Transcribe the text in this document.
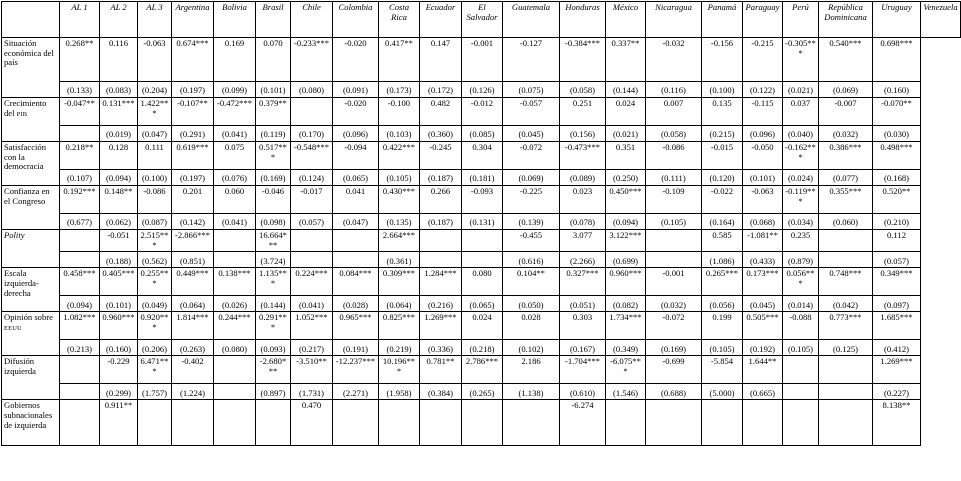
	AL 1	AL 2	AL 3	Argentina	Bolivia	Brasil	Chile	Colombia	Costa Rica	Ecuador	El Salvador	Guatemala	Honduras	México	Nicaragua	Panamá	Paraguay	Perú	República Dominicana	Uruguay	Venezuela
Situación económica del país	0.268**	0.116	-0.063	0.674***	0.169	0.070	-0.233***	-0.020	0.417**	0.147	-0.001	-0.127	-0.384***	0.337**	-0.032	-0.156	-0.215	-0.305***	0.540***	0.698***	
	(0.133)	(0.083)	(0.204)	(0.197)	(0.099)	(0.101)	(0.080)	(0.091)	(0.173)	(0.172)	(0.126)	(0.075)	(0.058)	(0.144)	(0.116)	(0.100)	(0.122)	(0.021)	(0.069)	(0.160)	
Crecimiento del PIB	-0.047**	0.131***	1.422***	-0.107**	-0.472***	0.379**		-0.020	-0.100	0.482	-0.012	-0.057	0.251	0.024	0.007	0.135	-0.115	0.037	-0.007	-0.070**	
		(0.019)	(0.047)	(0.291)	(0.041)	(0.119)	(0.170)	(0.096)	(0.103)	(0.360)	(0.085)	(0.045)	(0.156)	(0.021)	(0.058)	(0.215)	(0.096)	(0.040)	(0.032)	(0.030)	
Satisfacción con la democracia	0.218**	0.128	0.111	0.619***	0.075	0.517***	-0.548***	-0.094	0.422***	-0.245	0.304	-0.072	-0.473***	0.351	-0.086	-0.015	-0.050	-0.162***	0.386***	0.498***	
	(0.107)	(0.094)	(0.100)	(0.197)	(0.076)	(0.169)	(0.124)	(0.065)	(0.105)	(0.187)	(0.181)	(0.069)	(0.089)	(0.250)	(0.111)	(0.120)	(0.101)	(0.024)	(0.077)	(0.168)	
Confianza en el Congreso	0.192***	0.148**	-0.086	0.201	0.060	-0.046	-0.017	0.041	0.430***	0.266	-0.093	-0.225	0.023	0.450***	-0.109	-0.022	-0.063	-0.119***	0.355***	0.520**	
	(0.677)	(0.062)	(0.087)	(0.142)	(0.041)	(0.098)	(0.057)	(0.047)	(0.135)	(0.187)	(0.131)	(0.139)	(0.078)	(0.094)	(0.105)	(0.164)	(0.068)	(0.034)	(0.060)	(0.210)	
Polity		-0.051	2.515***	-2.866***		16.664***			2.664***			-0.455	3.077	3.122***		0.585	-1.081**	0.235		0.112	
		(0.188)	(0.562)	(0.851)		(3.724)			(0.361)			(0.616)	(2.266)	(0.699)		(1.086)	(0.433)	(0.879)		(0.057)	
Escala izquierda-derecha	0.458***	0.405***	0.255***	0.449***	0.138***	1.135***	0.224***	0.084***	0.309***	1.284***	0.080	0.104**	0.327***	0.960***	-0.001	0.265***	0.173***	0.056***	0.748***	0.349***	
	(0.094)	(0.101)	(0.049)	(0.064)	(0.026)	(0.144)	(0.041)	(0.028)	(0.064)	(0.216)	(0.065)	(0.050)	(0.051)	(0.082)	(0.032)	(0.056)	(0.045)	(0.014)	(0.042)	(0.097)	
Opinión sobre EEUU	1.082***	0.960***	0.920***	1.814***	0.244***	0.291***	1.052***	0.965***	0.825***	1.269***	0.024	0.028	0.303	1.734***	-0.072	0.199	0.505***	-0.088	0.773***	1.685***	
	(0.213)	(0.160)	(0.206)	(0.263)	(0.080)	(0.093)	(0.217)	(0.191)	(0.219)	(0.336)	(0.218)	(0.102)	(0.167)	(0.349)	(0.169)	(0.105)	(0.192)	(0.105)	(0.125)	(0.412)	
Difusión izquierda		-0.229	6.471***	-0.402		-2.680***	-3.510**	-12.237***	10.196***	0.781**	2.786***	2.186	-1.704***	-6.075***	-0.699	-5.854	1.644**			1.269***	
		(0.299)	(1.757)	(1.224)		(0.897)	(1.731)	(2.271)	(1.958)	(0.384)	(0.265)	(1.138)	(0.610)	(1.546)	(0.688)	(5.000)	(0.665)			(0.227)	
Gobiernos subnacionales de izquierda		0.911**					0.470						-6.274							8.138**	
